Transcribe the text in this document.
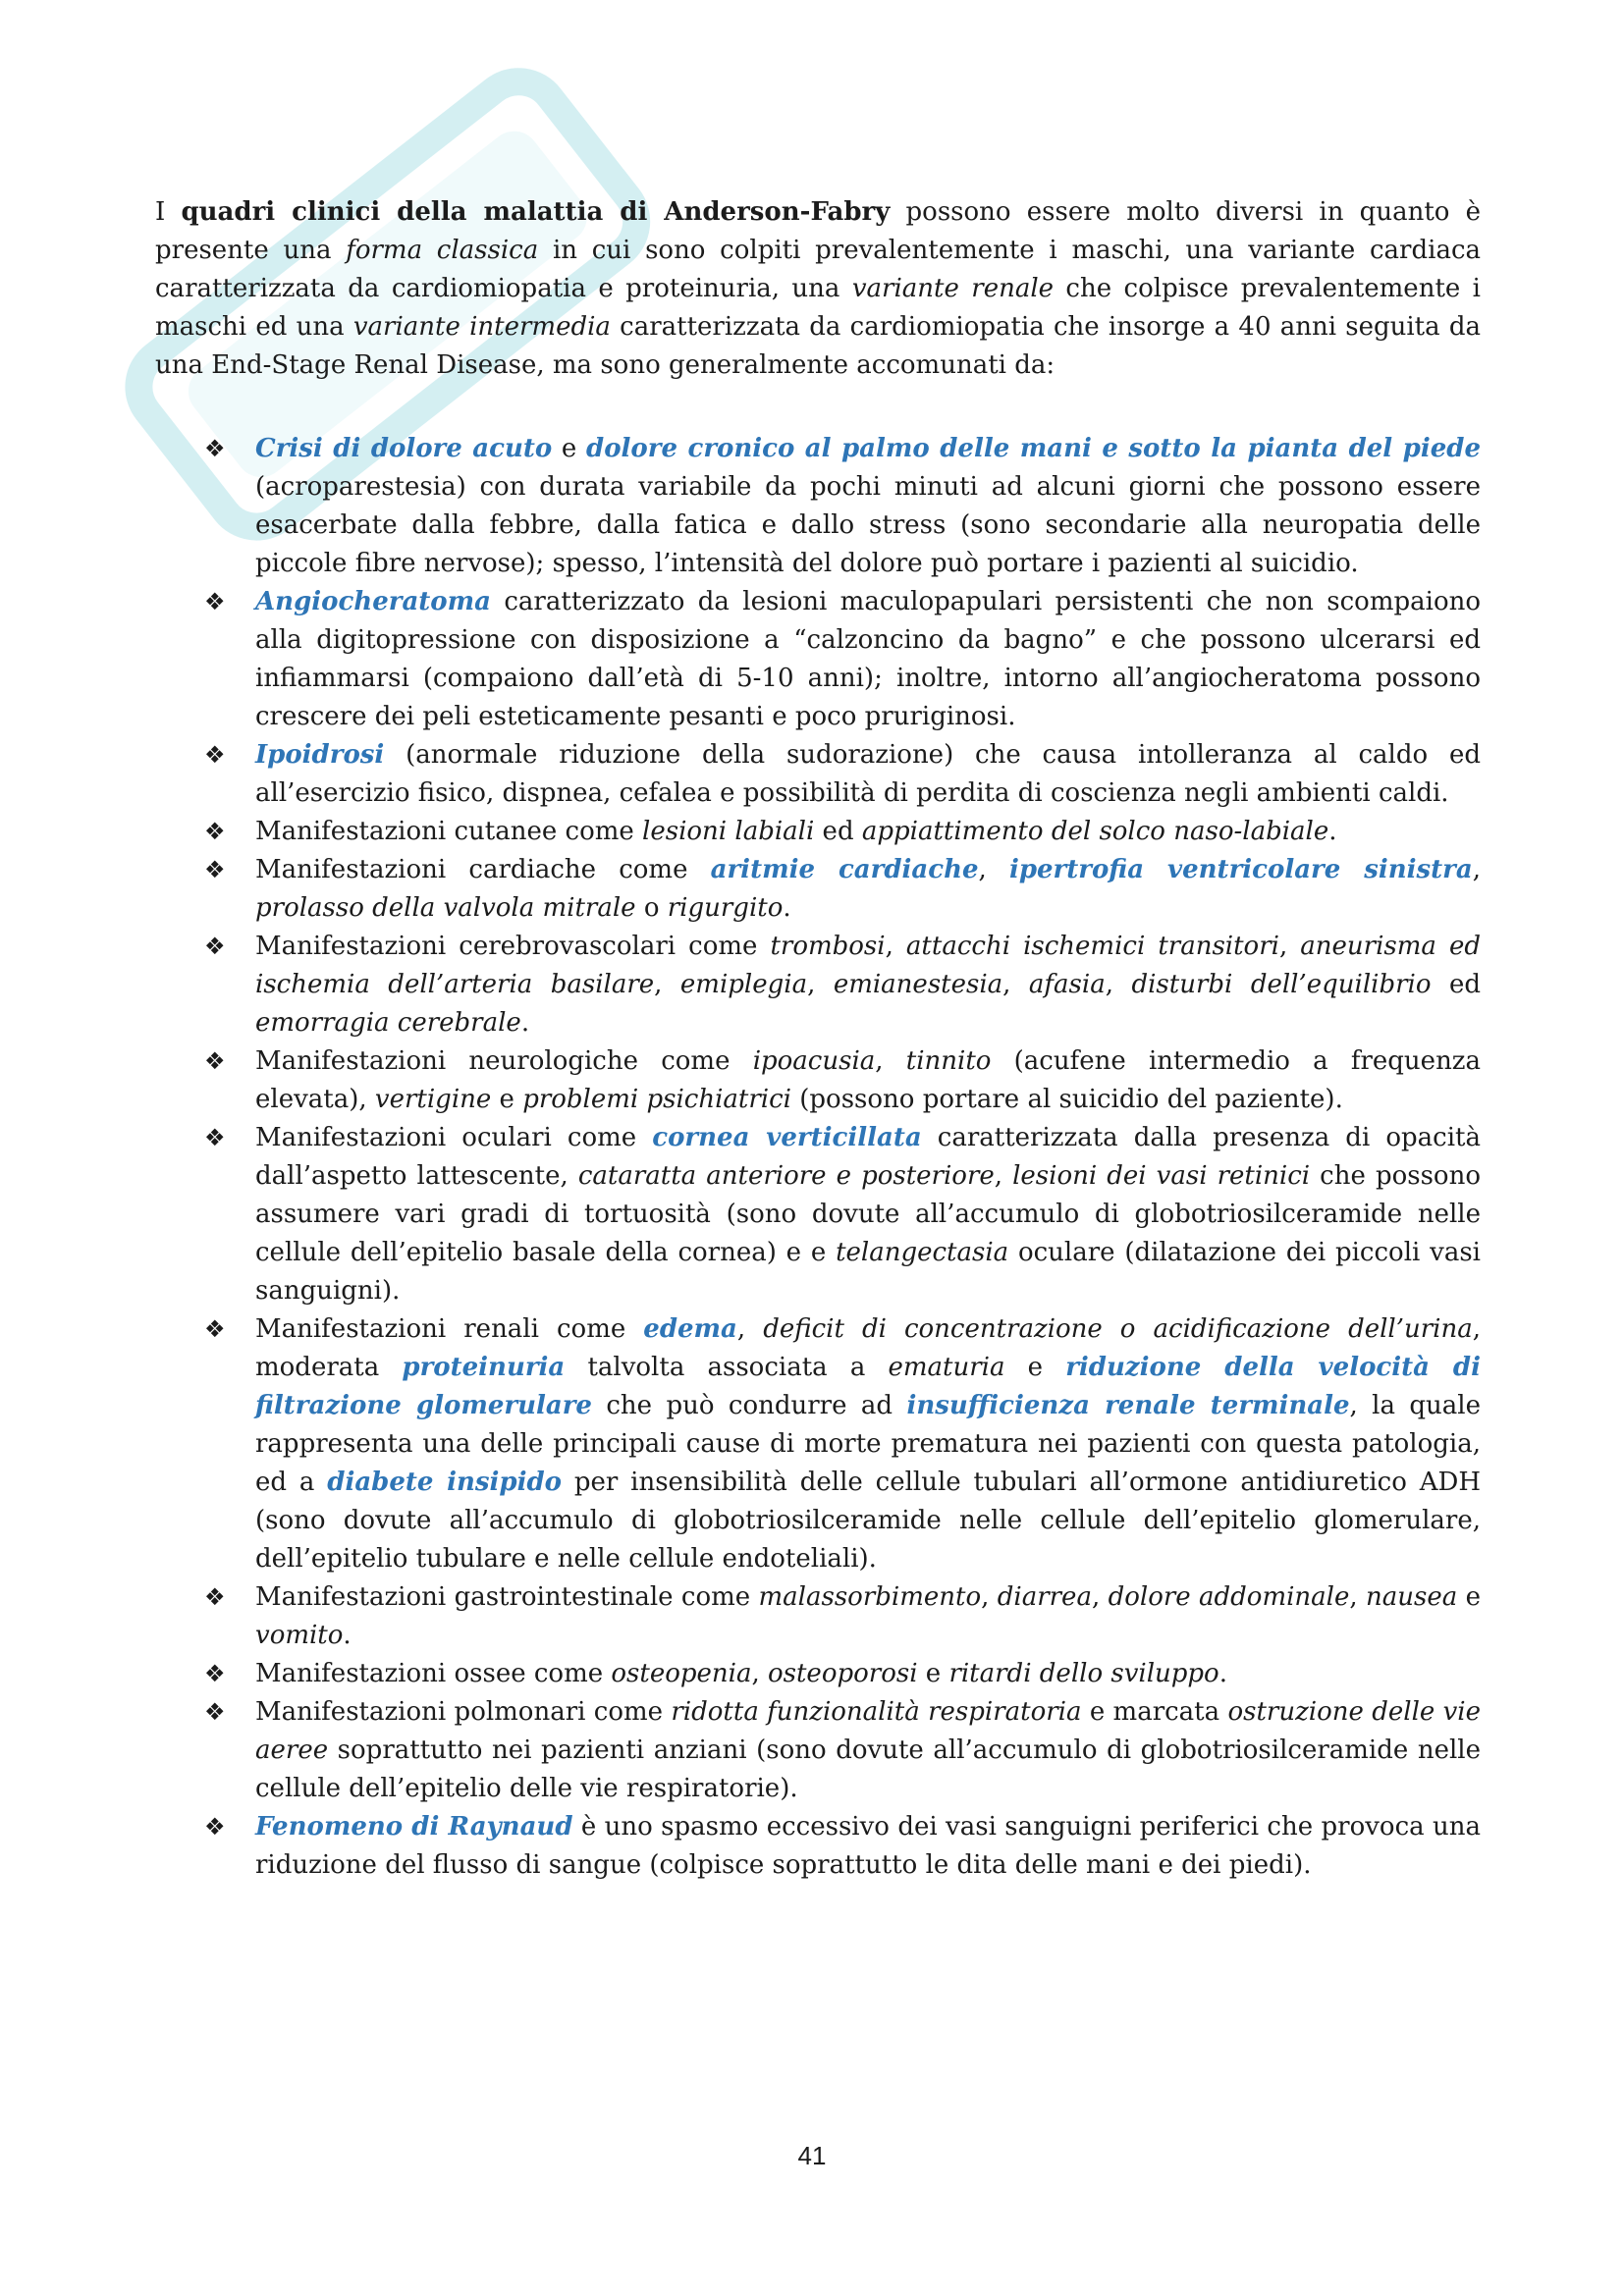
I quadri clinici della malattia di Anderson-Fabry possono essere molto diversi in quanto è presente una forma classica in cui sono colpiti prevalentemente i maschi, una variante cardiaca caratterizzata da cardiomiopatia e proteinuria, una variante renale che colpisce prevalentemente i maschi ed una variante intermedia caratterizzata da cardiomiopatia che insorge a 40 anni seguita da una End-Stage Renal Disease, ma sono generalmente accomunati da:

❖ Crisi di dolore acuto e dolore cronico al palmo delle mani e sotto la pianta del piede (acroparestesia) con durata variabile da pochi minuti ad alcuni giorni che possono essere esacerbate dalla febbre, dalla fatica e dallo stress (sono secondarie alla neuropatia delle piccole fibre nervose); spesso, l’intensità del dolore può portare i pazienti al suicidio.
❖ Angiocheratoma caratterizzato da lesioni maculopapulari persistenti che non scompaiono alla digitopressione con disposizione a “calzoncino da bagno” e che possono ulcerarsi ed infiammarsi (compaiono dall’età di 5-10 anni); inoltre, intorno all’angiocheratoma possono crescere dei peli esteticamente pesanti e poco pruriginosi.
❖ Ipoidrosi (anormale riduzione della sudorazione) che causa intolleranza al caldo ed all’esercizio fisico, dispnea, cefalea e possibilità di perdita di coscienza negli ambienti caldi.
❖ Manifestazioni cutanee come lesioni labiali ed appiattimento del solco naso-labiale.
❖ Manifestazioni cardiache come aritmie cardiache, ipertrofia ventricolare sinistra, prolasso della valvola mitrale o rigurgito.
❖ Manifestazioni cerebrovascolari come trombosi, attacchi ischemici transitori, aneurisma ed ischemia dell’arteria basilare, emiplegia, emianestesia, afasia, disturbi dell’equilibrio ed emorragia cerebrale.
❖ Manifestazioni neurologiche come ipoacusia, tinnito (acufene intermedio a frequenza elevata), vertigine e problemi psichiatrici (possono portare al suicidio del paziente).
❖ Manifestazioni oculari come cornea verticillata caratterizzata dalla presenza di opacità dall’aspetto lattescente, cataratta anteriore e posteriore, lesioni dei vasi retinici che possono assumere vari gradi di tortuosità (sono dovute all’accumulo di globotriosilceramide nelle cellule dell’epitelio basale della cornea) e e telangectasia oculare (dilatazione dei piccoli vasi sanguigni).
❖ Manifestazioni renali come edema, deficit di concentrazione o acidificazione dell’urina, moderata proteinuria talvolta associata a ematuria e riduzione della velocità di filtrazione glomerulare che può condurre ad insufficienza renale terminale, la quale rappresenta una delle principali cause di morte prematura nei pazienti con questa patologia, ed a diabete insipido per insensibilità delle cellule tubulari all’ormone antidiuretico ADH (sono dovute all’accumulo di globotriosilceramide nelle cellule dell’epitelio glomerulare, dell’epitelio tubulare e nelle cellule endoteliali).
❖ Manifestazioni gastrointestinale come malassorbimento, diarrea, dolore addominale, nausea e vomito.
❖ Manifestazioni ossee come osteopenia, osteoporosi e ritardi dello sviluppo.
❖ Manifestazioni polmonari come ridotta funzionalità respiratoria e marcata ostruzione delle vie aeree soprattutto nei pazienti anziani (sono dovute all’accumulo di globotriosilceramide nelle cellule dell’epitelio delle vie respiratorie).
❖ Fenomeno di Raynaud è uno spasmo eccessivo dei vasi sanguigni periferici che provoca una riduzione del flusso di sangue (colpisce soprattutto le dita delle mani e dei piedi).
41
